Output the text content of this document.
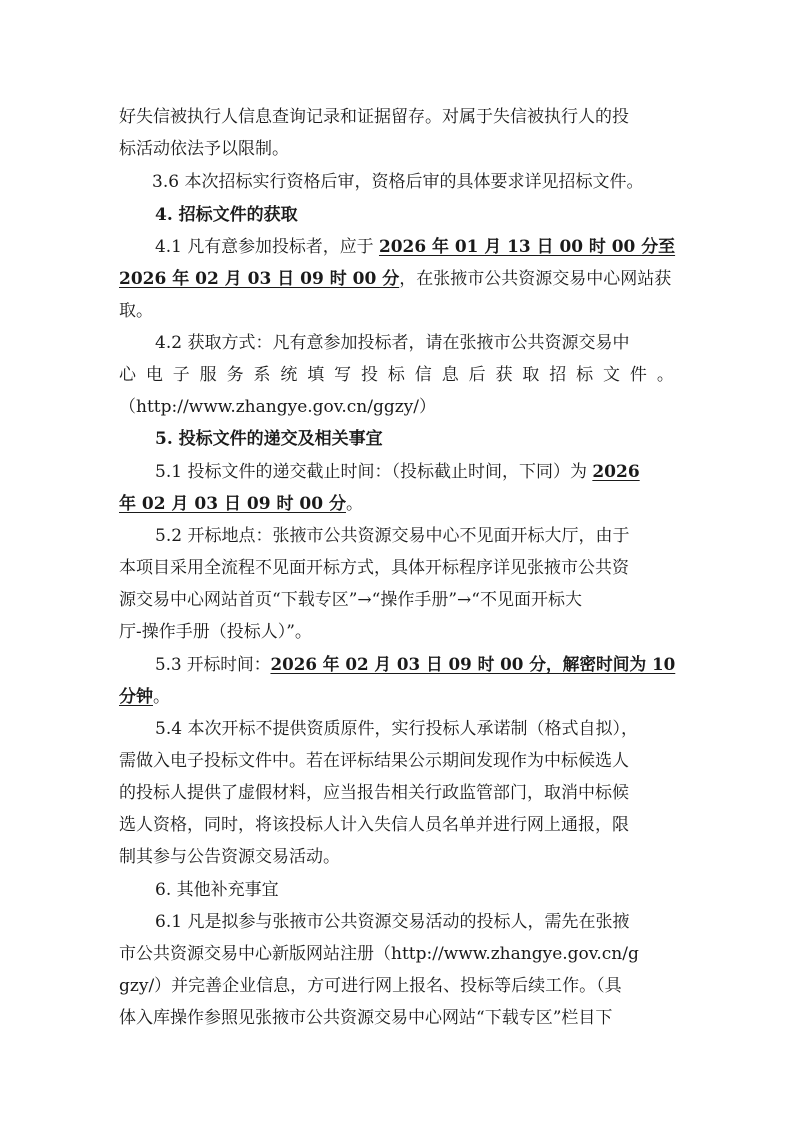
好失信被执行人信息查询记录和证据留存。对属于失信被执行人的投
标活动依法予以限制。
3.6 本次招标实行资格后审，资格后审的具体要求详见招标文件。
4. 招标文件的获取
4.1 凡有意参加投标者，应于 2026 年 01 月 13 日 00 时 00 分至
2026 年 02 月 03 日 09 时 00 分，在张掖市公共资源交易中心网站获
取。
4.2 获取方式：凡有意参加投标者，请在张掖市公共资源交易中
心 电 子 服 务 系 统 填 写 投 标 信 息 后 获 取 招 标 文 件 。
（http://www.zhangye.gov.cn/ggzy/）
5. 投标文件的递交及相关事宜
5.1 投标文件的递交截止时间：（投标截止时间，下同）为 2026
年 02 月 03 日 09 时 00 分。
5.2 开标地点：张掖市公共资源交易中心不见面开标大厅，由于
本项目采用全流程不见面开标方式，具体开标程序详见张掖市公共资
源交易中心网站首页“下载专区”→“操作手册”→“不见面开标大
厅-操作手册（投标人）”。
5.3 开标时间：2026 年 02 月 03 日 09 时 00 分，解密时间为 10
分钟。
5.4 本次开标不提供资质原件，实行投标人承诺制（格式自拟），
需做入电子投标文件中。若在评标结果公示期间发现作为中标候选人
的投标人提供了虚假材料，应当报告相关行政监管部门，取消中标候
选人资格，同时，将该投标人计入失信人员名单并进行网上通报，限
制其参与公告资源交易活动。
6. 其他补充事宜
6.1 凡是拟参与张掖市公共资源交易活动的投标人，需先在张掖
市公共资源交易中心新版网站注册（http://www.zhangye.gov.cn/g
gzy/）并完善企业信息，方可进行网上报名、投标等后续工作。（具
体入库操作参照见张掖市公共资源交易中心网站“下载专区”栏目下
